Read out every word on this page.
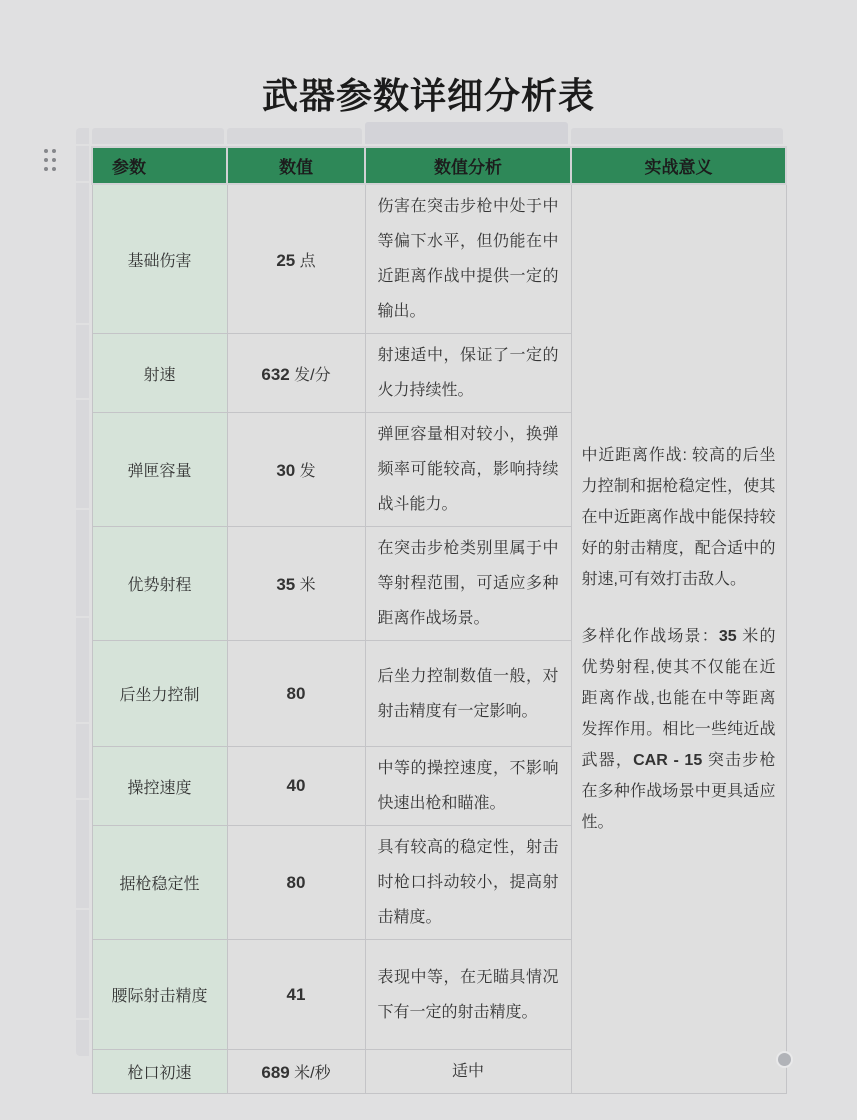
武器参数详细分析表
参数	数值	数值分析	实战意义
基础伤害	25 点	伤害在突击步枪中处于中等偏下水平，但仍能在中近距离作战中提供一定的输出。	中近距离作战: 较高的后坐力控制和据枪稳定性，使其在中近距离作战中能保持较好的射击精度，配合适中的射速,可有效打击敌人。

多样化作战场景：35 米的优势射程,使其不仅能在近距离作战,也能在中等距离发挥作用。相比一些纯近战武器，CAR - 15 突击步枪在多种作战场景中更具适应性。

射速	632 发/分	射速适中，保证了一定的火力持续性。	
弹匣容量	30 发	弹匣容量相对较小，换弹频率可能较高，影响持续战斗能力。	
优势射程	35 米	在突击步枪类别里属于中等射程范围，可适应多种距离作战场景。	
后坐力控制	80	后坐力控制数值一般，对射击精度有一定影响。	
操控速度	40	中等的操控速度，不影响快速出枪和瞄准。	
据枪稳定性	80	具有较高的稳定性，射击时枪口抖动较小，提高射击精度。	
腰际射击精度	41	表现中等，在无瞄具情况下有一定的射击精度。	
枪口初速	689 米/秒	适中	
